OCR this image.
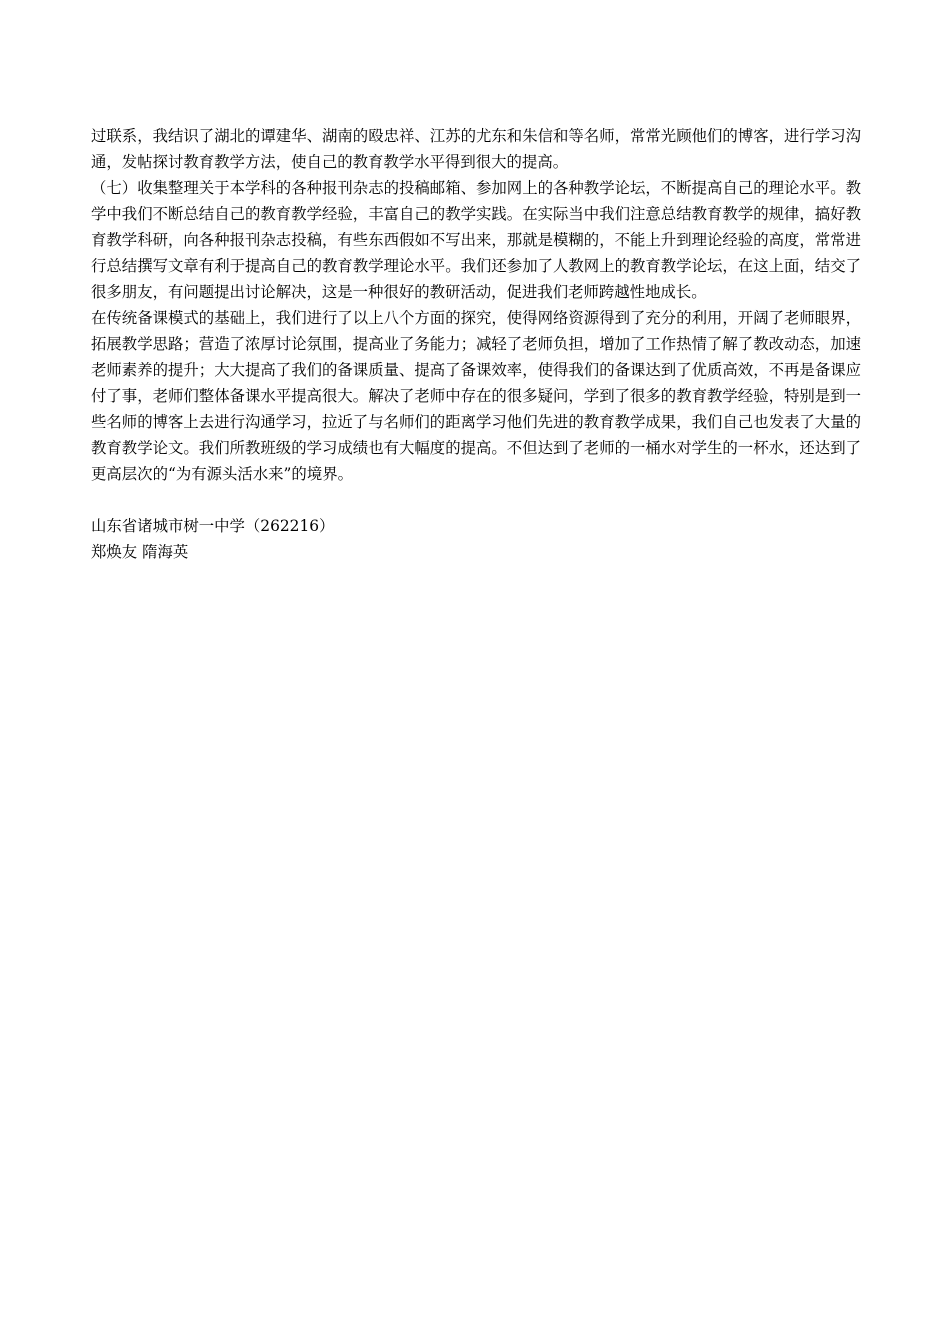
过联系，我结识了湖北的谭建华、湖南的殴忠祥、江苏的尤东和朱信和等名师，常常光顾他们的博客，进行学习沟通，发帖探讨教育教学方法，使自己的教育教学水平得到很大的提高。

（七）收集整理关于本学科的各种报刊杂志的投稿邮箱、参加网上的各种教学论坛，不断提高自己的理论水平。教学中我们不断总结自己的教育教学经验，丰富自己的教学实践。在实际当中我们注意总结教育教学的规律，搞好教育教学科研，向各种报刊杂志投稿，有些东西假如不写出来，那就是模糊的，不能上升到理论经验的高度，常常进行总结撰写文章有利于提高自己的教育教学理论水平。我们还参加了人教网上的教育教学论坛，在这上面，结交了很多朋友，有问题提出讨论解决，这是一种很好的教研活动，促进我们老师跨越性地成长。

在传统备课模式的基础上，我们进行了以上八个方面的探究，使得网络资源得到了充分的利用，开阔了老师眼界，拓展教学思路；营造了浓厚讨论氛围，提高业了务能力；减轻了老师负担，增加了工作热情了解了教改动态，加速老师素养的提升；大大提高了我们的备课质量、提高了备课效率，使得我们的备课达到了优质高效，不再是备课应付了事，老师们整体备课水平提高很大。解决了老师中存在的很多疑问，学到了很多的教育教学经验，特别是到一些名师的博客上去进行沟通学习，拉近了与名师们的距离学习他们先进的教育教学成果，我们自己也发表了大量的教育教学论文。我们所教班级的学习成绩也有大幅度的提高。不但达到了老师的一桶水对学生的一杯水，还达到了更高层次的“为有源头活水来”的境界。

山东省诸城市树一中学（262216）

郑焕友 隋海英
